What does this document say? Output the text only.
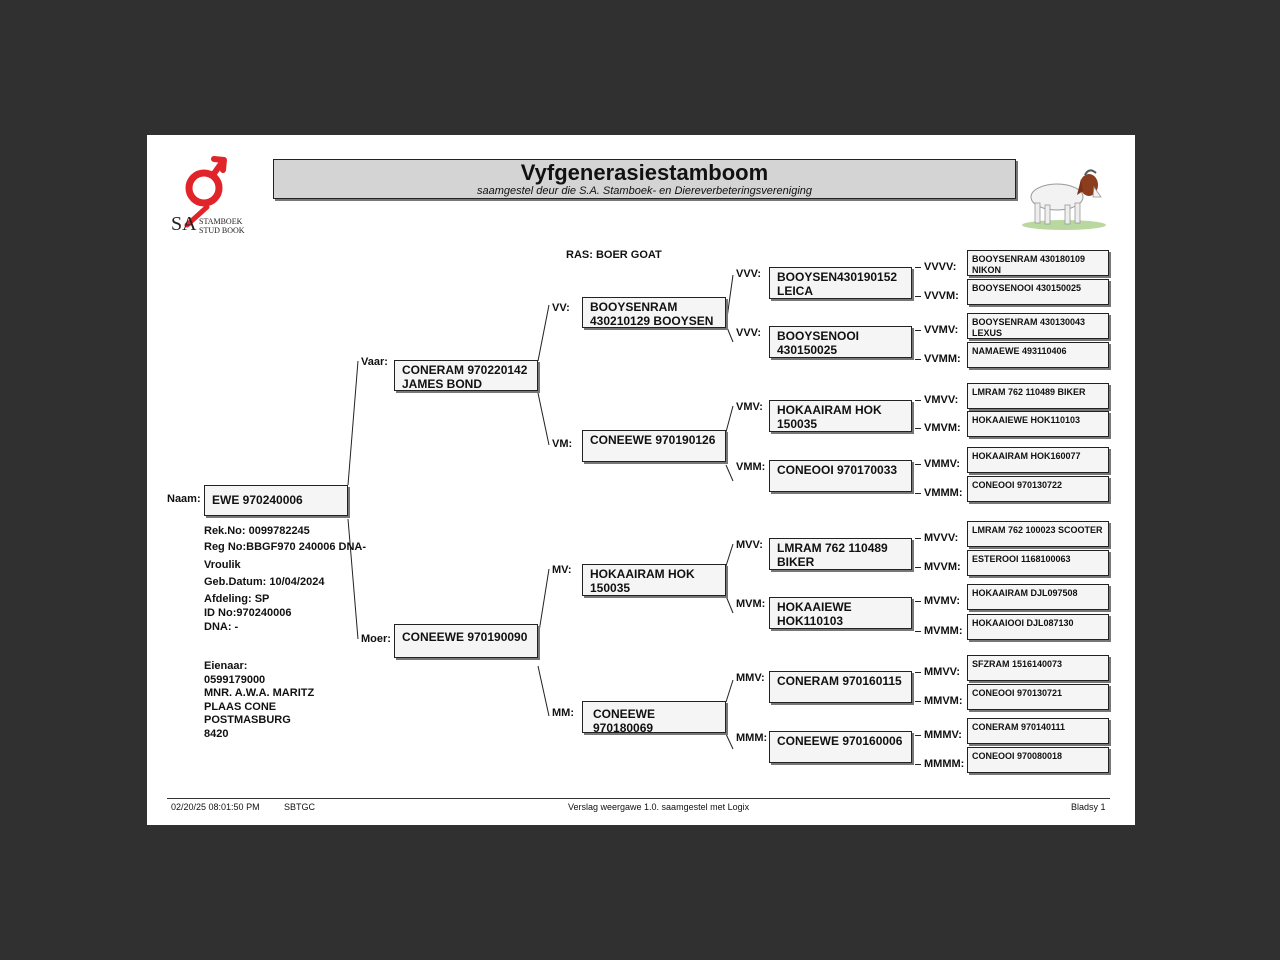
SA STAMBOEK
STUD BOOK
Vyfgenerasiestamboom
saamgestel deur die S.A. Stamboek- en Diereverbeteringsvereniging
RAS: BOER GOAT
Naam: EWE 970240006
Rek.No: 0099782245
Reg No:BBGF970 240006 DNA-
Vroulik
Geb.Datum: 10/04/2024
Afdeling: SP
ID No:970240006
DNA: -
Eienaar:
0599179000
MNR. A.W.A. MARITZ
PLAAS CONE
POSTMASBURG
8420
Vaar:
CONERAM 970220142 JAMES BOND
Moer: CONEEWE 970190090
VV:	BOOYSENRAM 430210129 BOOYSEN
VM:	CONEEWE 970190126
MV:	HOKAAIRAM HOK 150035
MM:	CONEEWE 970180069
VVV:	BOOYSEN430190152 LEICA
VVV:	BOOYSENOOI 430150025
VMV:	HOKAAIRAM HOK 150035
VMM: CONEOOI 970170033
MVV:	LMRAM 762 110489 BIKER
MVM: HOKAAIEWE HOK110103
MMV:	CONERAM 970160115
MMM: CONEEWE 970160006
VVVV:
BOOYSENRAM 430180109 NIKON
VVVM:
BOOYSENOOI 430150025
VVMV:
BOOYSENRAM 430130043 LEXUS
VVMM:
NAMAEWE 493110406
VMVV:
LMRAM 762 110489 BIKER
VMVM:
HOKAAIEWE HOK110103
VMMV:
HOKAAIRAM HOK160077
VMMM:
CONEOOI 970130722
MVVV:
LMRAM 762 100023 SCOOTER
MVVM:
ESTEROOI 1168100063
MVMV:
HOKAAIRAM DJL097508
MVMM:
HOKAAIOOI DJL087130
MMVV:
SFZRAM 1516140073
MMVM:
CONEOOI 970130721
MMMV:
CONERAM 970140111
MMMM:
CONEOOI 970080018
02/20/25 08:01:50 PM	SBTGC	Verslag weergawe 1.0. saamgestel met Logix	Bladsy 1
